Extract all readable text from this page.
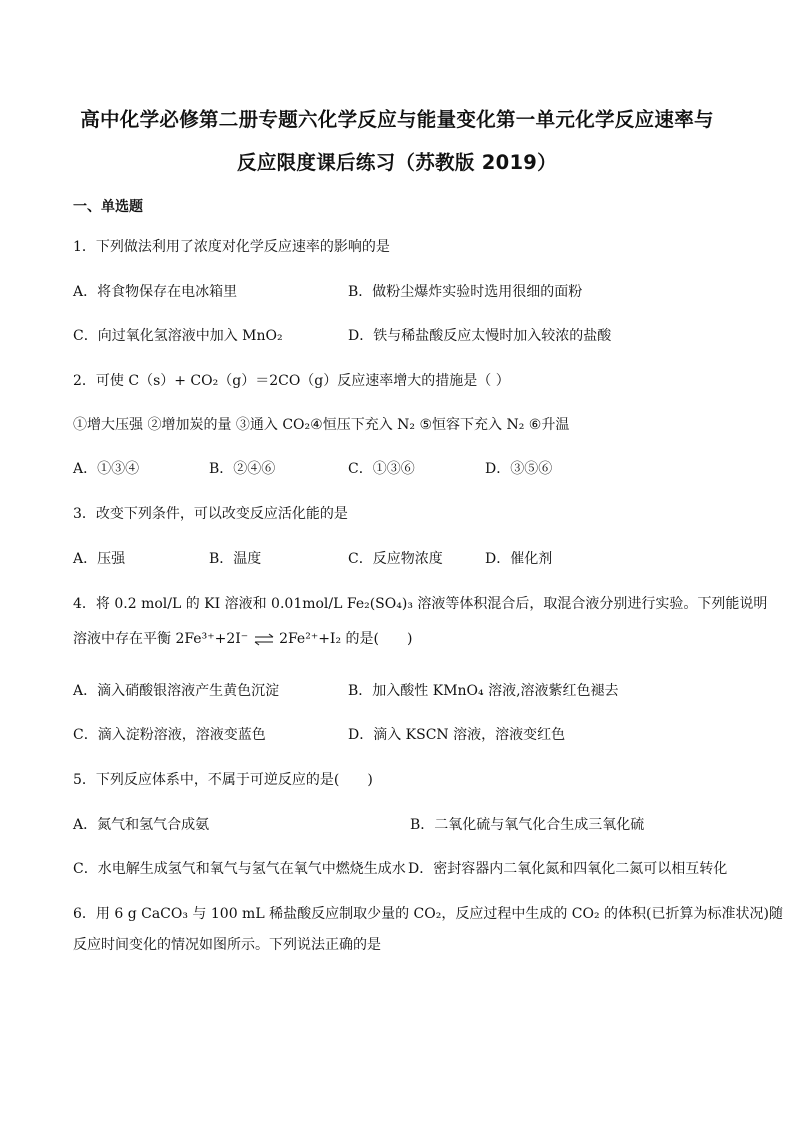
高中化学必修第二册专题六化学反应与能量变化第一单元化学反应速率与
反应限度课后练习（苏教版 2019）
一、单选题
1．下列做法利用了浓度对化学反应速率的影响的是
A．将食物保存在电冰箱里	B．做粉尘爆炸实验时选用很细的面粉
C．向过氧化氢溶液中加入 MnO₂	D．铁与稀盐酸反应太慢时加入较浓的盐酸
2．可使 C（s）+ CO₂（g）＝2CO（g）反应速率增大的措施是（ ）
①增大压强 ②增加炭的量 ③通入 CO₂④恒压下充入 N₂ ⑤恒容下充入 N₂ ⑥升温
A．①③④	B．②④⑥	C．①③⑥	D．③⑤⑥
3．改变下列条件，可以改变反应活化能的是
A．压强	B．温度	C．反应物浓度	D．催化剂
4．将 0.2 mol/L 的 KI 溶液和 0.01mol/L Fe₂(SO₄)₃ 溶液等体积混合后，取混合液分别进行实验。下列能说明
溶液中存在平衡 2Fe³⁺+2I⁻ ⇌ 2Fe²⁺+I₂ 的是(　　)
A．滴入硝酸银溶液产生黄色沉淀	B．加入酸性 KMnO₄ 溶液,溶液紫红色褪去
C．滴入淀粉溶液，溶液变蓝色	D．滴入 KSCN 溶液，溶液变红色
5．下列反应体系中，不属于可逆反应的是(　　)
A．氮气和氢气合成氨	B．二氧化硫与氧气化合生成三氧化硫
C．水电解生成氢气和氧气与氢气在氧气中燃烧生成水 D．密封容器内二氧化氮和四氧化二氮可以相互转化
6．用 6 g CaCO₃ 与 100 mL 稀盐酸反应制取少量的 CO₂，反应过程中生成的 CO₂ 的体积(已折算为标准状况)随
反应时间变化的情况如图所示。下列说法正确的是
